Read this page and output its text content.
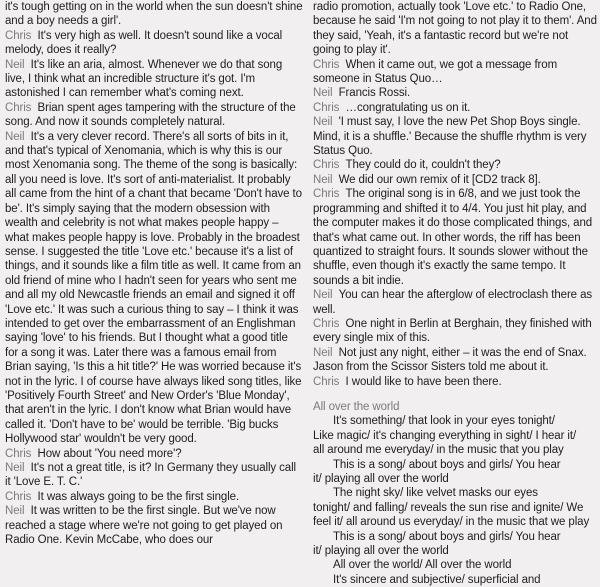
it's tough getting on in the world when the sun doesn't shine and a boy needs a girl'.

Chris It's very high as well. It doesn't sound like a vocal melody, does it really?

Neil It's like an aria, almost. Whenever we do that song live, I think what an incredible structure it's got. I'm astonished I can remember what's coming next.

Chris Brian spent ages tampering with the structure of the song. And now it sounds completely natural.

Neil It's a very clever record. There's all sorts of bits in it, and that's typical of Xenomania, which is why this is our most Xenomania song. The theme of the song is basically: all you need is love. It's sort of anti-materialist. It probably all came from the hint of a chant that became 'Don't have to be'. It's simply saying that the modern obsession with wealth and celebrity is not what makes people happy – what makes people happy is love. Probably in the broadest sense. I suggested the title 'Love etc.' because it's a list of things, and it sounds like a film title as well. It came from an old friend of mine who I hadn't seen for years who sent me and all my old Newcastle friends an email and signed it off 'Love etc.' It was such a curious thing to say – I think it was intended to get over the embarrassment of an Englishman saying 'love' to his friends. But I thought what a good title for a song it was. Later there was a famous email from Brian saying, 'Is this a hit title?' He was worried because it's not in the lyric. I of course have always liked song titles, like 'Positively Fourth Street' and New Order's 'Blue Monday', that aren't in the lyric. I don't know what Brian would have called it. 'Don't have to be' would be terrible. 'Big bucks Hollywood star' wouldn't be very good.

Chris How about 'You need more'?

Neil It's not a great title, is it? In Germany they usually call it 'Love E. T. C.'

Chris It was always going to be the first single.

Neil It was written to be the first single. But we've now reached a stage where we're not going to get played on Radio One. Kevin McCabe, who does our

radio promotion, actually took 'Love etc.' to Radio One, because he said 'I'm not going to not play it to them'. And they said, 'Yeah, it's a fantastic record but we're not going to play it'.

Chris When it came out, we got a message from someone in Status Quo…

Neil Francis Rossi.

Chris …congratulating us on it.

Neil 'I must say, I love the new Pet Shop Boys single. Mind, it is a shuffle.' Because the shuffle rhythm is very Status Quo.

Chris They could do it, couldn't they?

Neil We did our own remix of it [CD2 track 8].

Chris The original song is in 6/8, and we just took the programming and shifted it to 4/4. You just hit play, and the computer makes it do those complicated things, and that's what came out. In other words, the riff has been quantized to straight fours. It sounds slower without the shuffle, even though it's exactly the same tempo. It sounds a bit indie.

Neil You can hear the afterglow of electroclash there as well.

Chris One night in Berlin at Berghain, they finished with every single mix of this.

Neil Not just any night, either – it was the end of Snax. Jason from the Scissor Sisters told me about it.

Chris I would like to have been there.

All over the world

It's something/ that look in your eyes tonight/

Like magic/ it's changing everything in sight/ I hear it/

all around me everyday/ in the music that you play

This is a song/ about boys and girls/ You hear

it/ playing all over the world

The night sky/ like velvet masks our eyes

tonight/ and falling/ reveals the sun rise and ignite/ We

feel it/ all around us everyday/ in the music that we play

This is a song/ about boys and girls/ You hear

it/ playing all over the world

All over the world/ All over the world

It's sincere and subjective/ superficial and
